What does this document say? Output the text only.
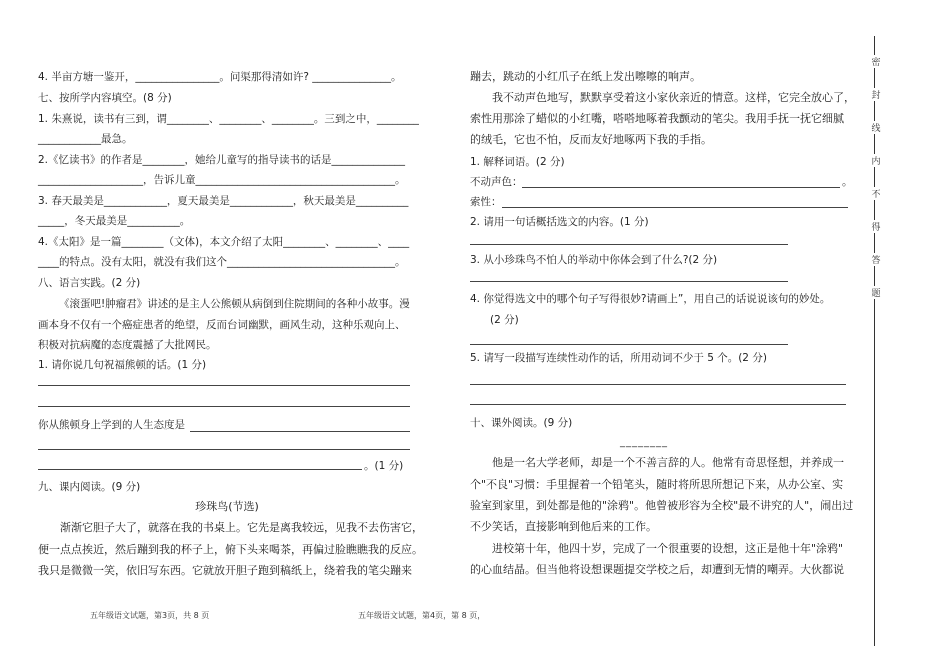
4. 半亩方塘一鉴开，________________。问渠那得清如许? _______________。
七、按所学内容填空。(8 分)
1. 朱熹说，读书有三到，谓________、________、________。三到之中，________
____________最急。
2.《忆读书》的作者是________，她给儿童写的指导读书的话是______________
____________________，告诉儿童______________________________________。
3. 春天最美是____________，夏天最美是____________，秋天最美是__________
_____，冬天最美是__________。
4.《太阳》是一篇________（文体)，本文介绍了太阳________、________、____
____的特点。没有太阳，就没有我们这个________________________________。
八、语言实践。(2 分)
《滚蛋吧!肿瘤君》讲述的是主人公熊顿从病倒到住院期间的各种小故事。漫
画本身不仅有一个癌症患者的绝望，反而台词幽默，画风生动，这种乐观向上、
积极对抗病魔的态度震撼了大批网民。
1. 请你说几句祝福熊顿的话。(1 分)
你从熊顿身上学到的人生态度是
。(1 分)
九、课内阅读。(9 分)
珍珠鸟(节选)
渐渐它胆子大了，就落在我的书桌上。它先是离我较远，见我不去伤害它，
便一点点挨近，然后蹦到我的杯子上，俯下头来喝茶，再偏过脸瞧瞧我的反应。
我只是微微一笑，依旧写东西。它就放开胆子跑到稿纸上，绕着我的笔尖蹦来
五年级语文试题，第3页，共 8 页
蹦去，跳动的小红爪子在纸上发出嚓嚓的响声。
我不动声色地写，默默享受着这小家伙亲近的情意。这样，它完全放心了，
索性用那涂了蜡似的小红嘴，嗒嗒地啄着我颤动的笔尖。我用手抚一抚它细腻
的绒毛，它也不怕，反而友好地啄两下我的手指。
1. 解释词语。(2 分)
不动声色：	。
索性：
2. 请用一句话概括选文的内容。(1 分)
3. 从小珍珠鸟不怕人的举动中你体会到了什么?(2 分)
4. 你觉得选文中的哪个句子写得很妙?请画上”，用自己的话说说该句的妙处。
(2 分)
5. 请写一段描写连续性动作的话，所用动词不少于 5 个。(2 分)
十、课外阅读。(9 分)
________
他是一名大学老师，却是一个不善言辞的人。他常有奇思怪想，并养成一
个"不良"习惯：手里握着一个铅笔头，随时将所思所想记下来，从办公室、实
验室到家里，到处都是他的"涂鸦"。他曾被形容为全校"最不讲究的人"，闹出过
不少笑话，直接影响到他后来的工作。
进校第十年，他四十岁，完成了一个很重要的设想，这正是他十年"涂鸦"
的心血结晶。但当他将设想课题提交学校之后，却遭到无情的嘲弄。大伙都说
五年级语文试题，第4页，第 8 页，
密
封
线
内
不
得
答
题
